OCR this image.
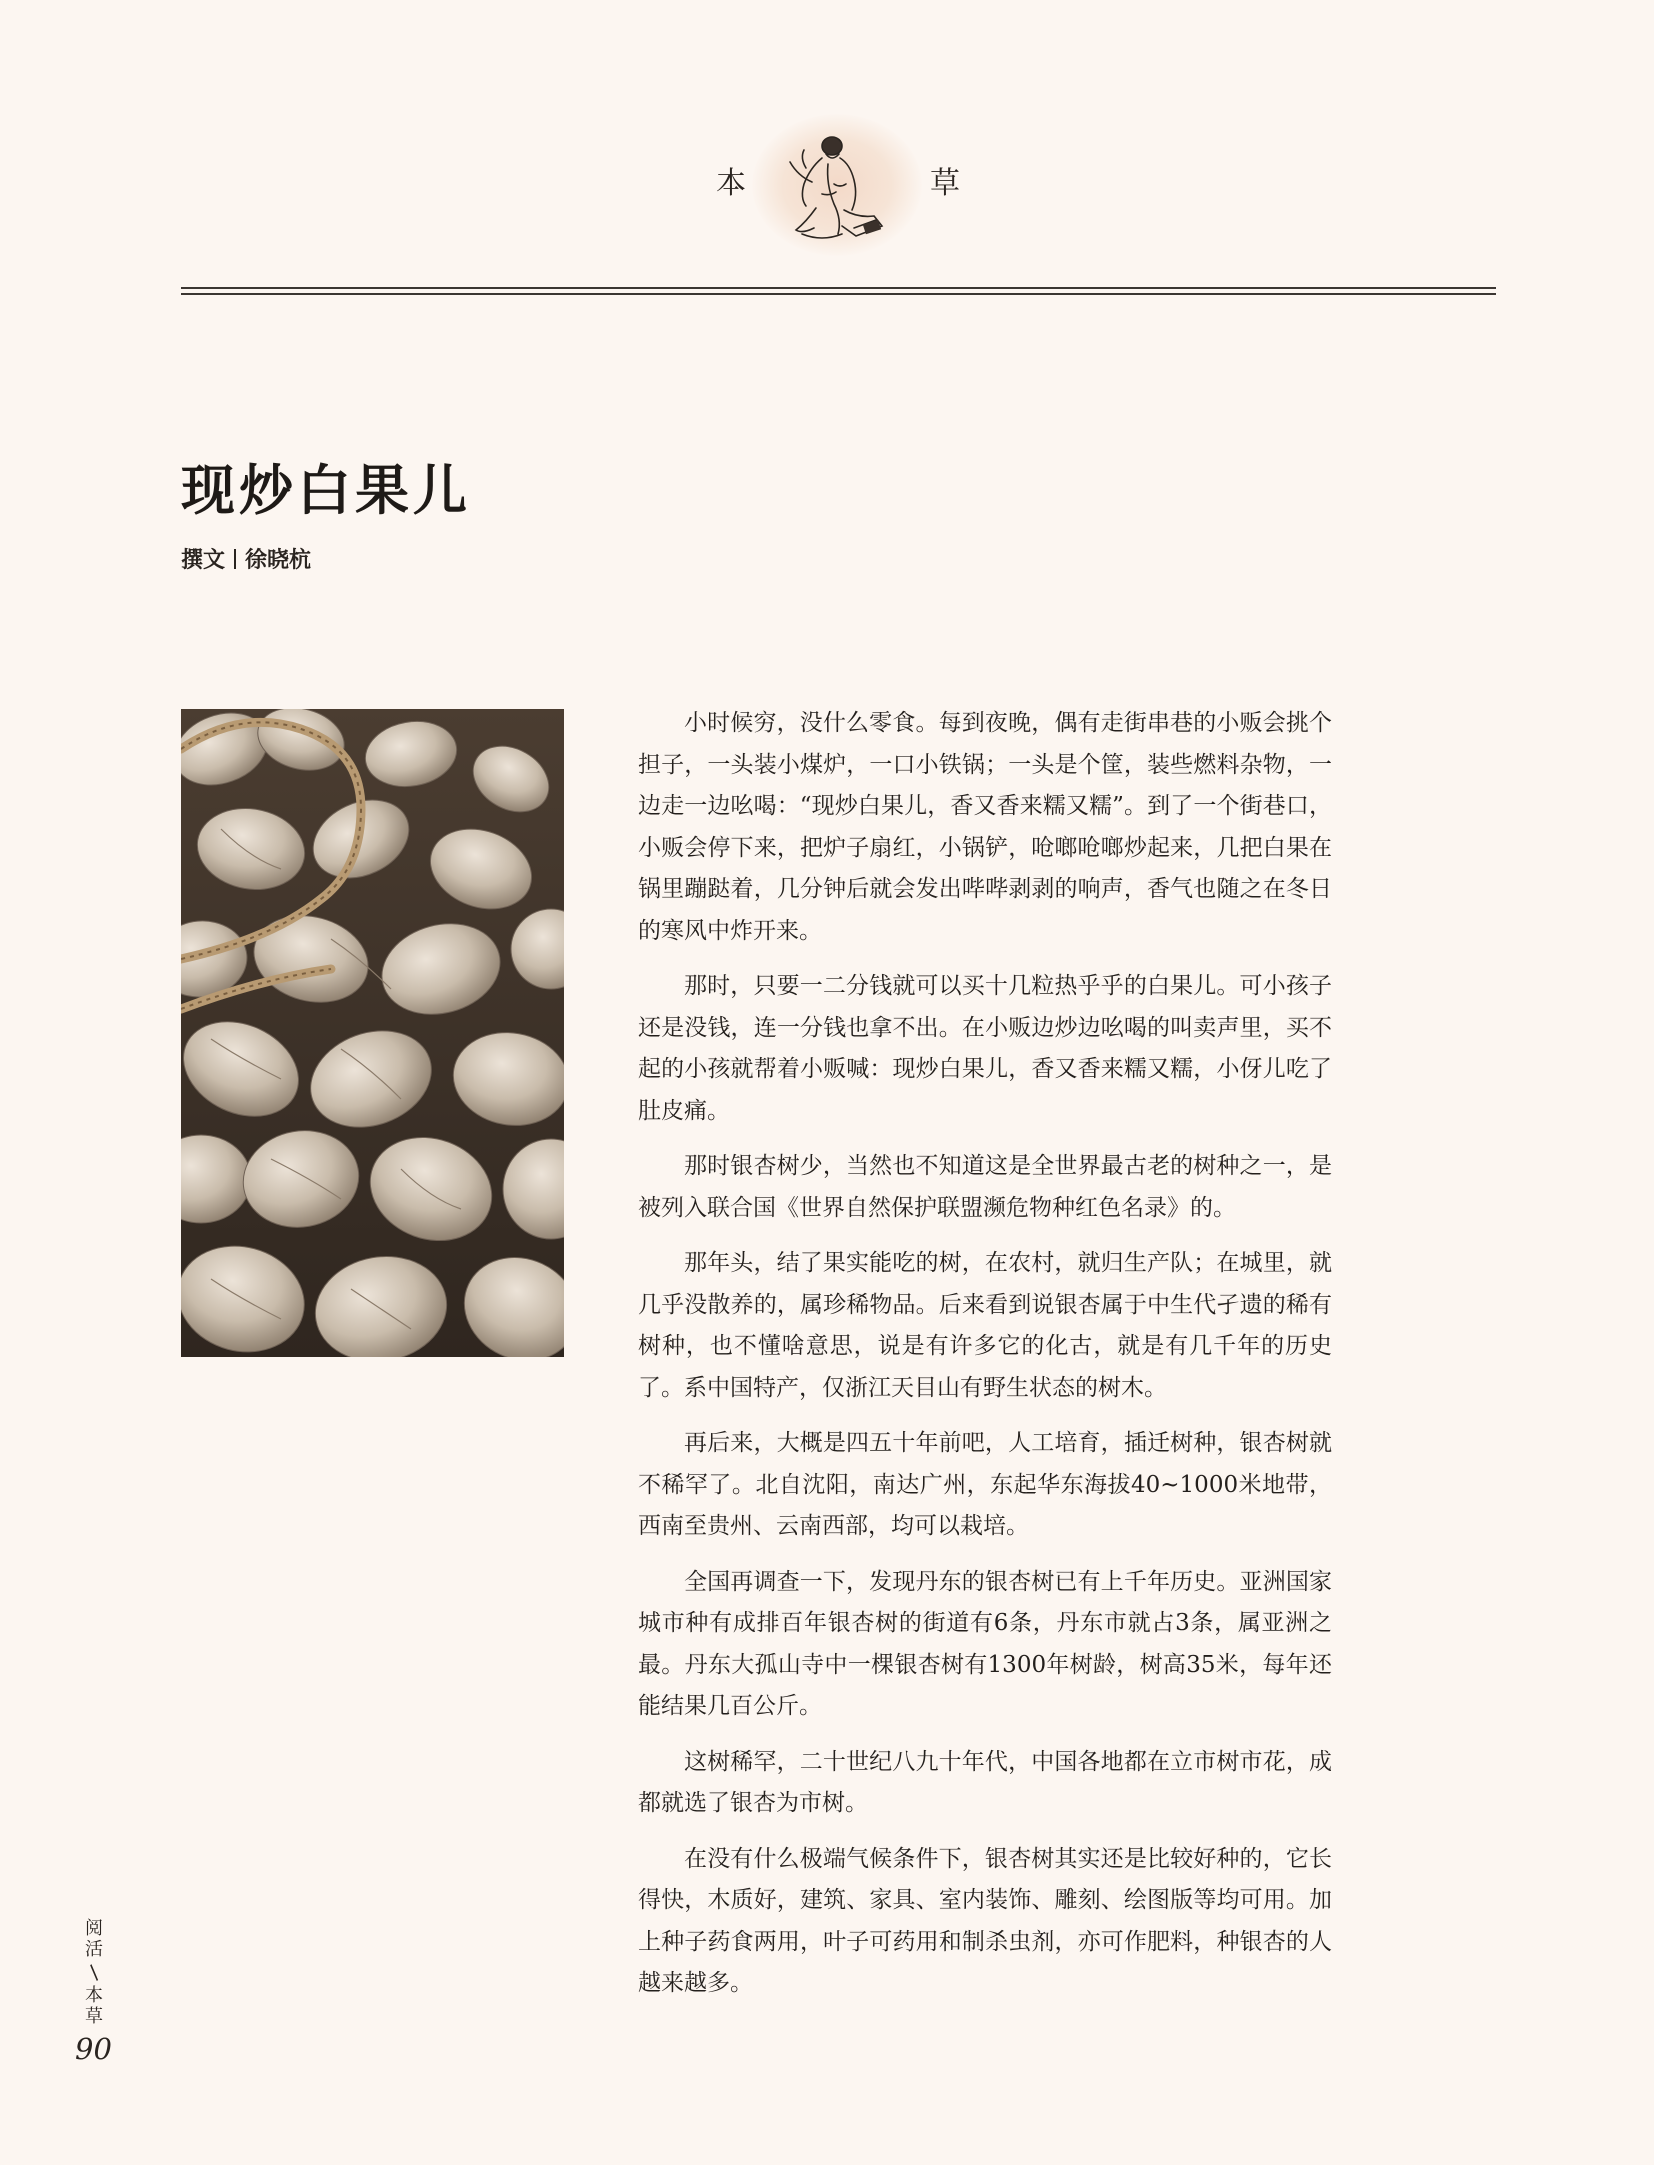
本	草
现炒白果儿
撰文 徐晓杭

小时候穷，没什么零食。每到夜晚，偶有走街串巷的小贩会挑个担子，一头装小煤炉，一口小铁锅；一头是个筐，装些燃料杂物，一边走一边吆喝：“现炒白果儿，香又香来糯又糯”。到了一个街巷口，小贩会停下来，把炉子扇红，小锅铲，呛啷呛啷炒起来，几把白果在锅里蹦跶着，几分钟后就会发出哔哔剥剥的响声，香气也随之在冬日的寒风中炸开来。

那时，只要一二分钱就可以买十几粒热乎乎的白果儿。可小孩子还是没钱，连一分钱也拿不出。在小贩边炒边吆喝的叫卖声里，买不起的小孩就帮着小贩喊：现炒白果儿，香又香来糯又糯，小伢儿吃了肚皮痛。

那时银杏树少，当然也不知道这是全世界最古老的树种之一，是被列入联合国《世界自然保护联盟濒危物种红色名录》的。

那年头，结了果实能吃的树，在农村，就归生产队；在城里，就几乎没散养的，属珍稀物品。后来看到说银杏属于中生代孑遗的稀有树种，也不懂啥意思，说是有许多它的化古，就是有几千年的历史了。系中国特产，仅浙江天目山有野生状态的树木。

再后来，大概是四五十年前吧，人工培育，插迁树种，银杏树就不稀罕了。北自沈阳，南达广州，东起华东海拔40~1000米地带，西南至贵州、云南西部，均可以栽培。

全国再调查一下，发现丹东的银杏树已有上千年历史。亚洲国家城市种有成排百年银杏树的街道有6条，丹东市就占3条，属亚洲之最。丹东大孤山寺中一棵银杏树有1300年树龄，树高35米，每年还能结果几百公斤。

这树稀罕，二十世纪八九十年代，中国各地都在立市树市花，成都就选了银杏为市树。

在没有什么极端气候条件下，银杏树其实还是比较好种的，它长得快，木质好，建筑、家具、室内装饰、雕刻、绘图版等均可用。加上种子药食两用，叶子可药用和制杀虫剂，亦可作肥料，种银杏的人越来越多。

阅活
/
本草
90
